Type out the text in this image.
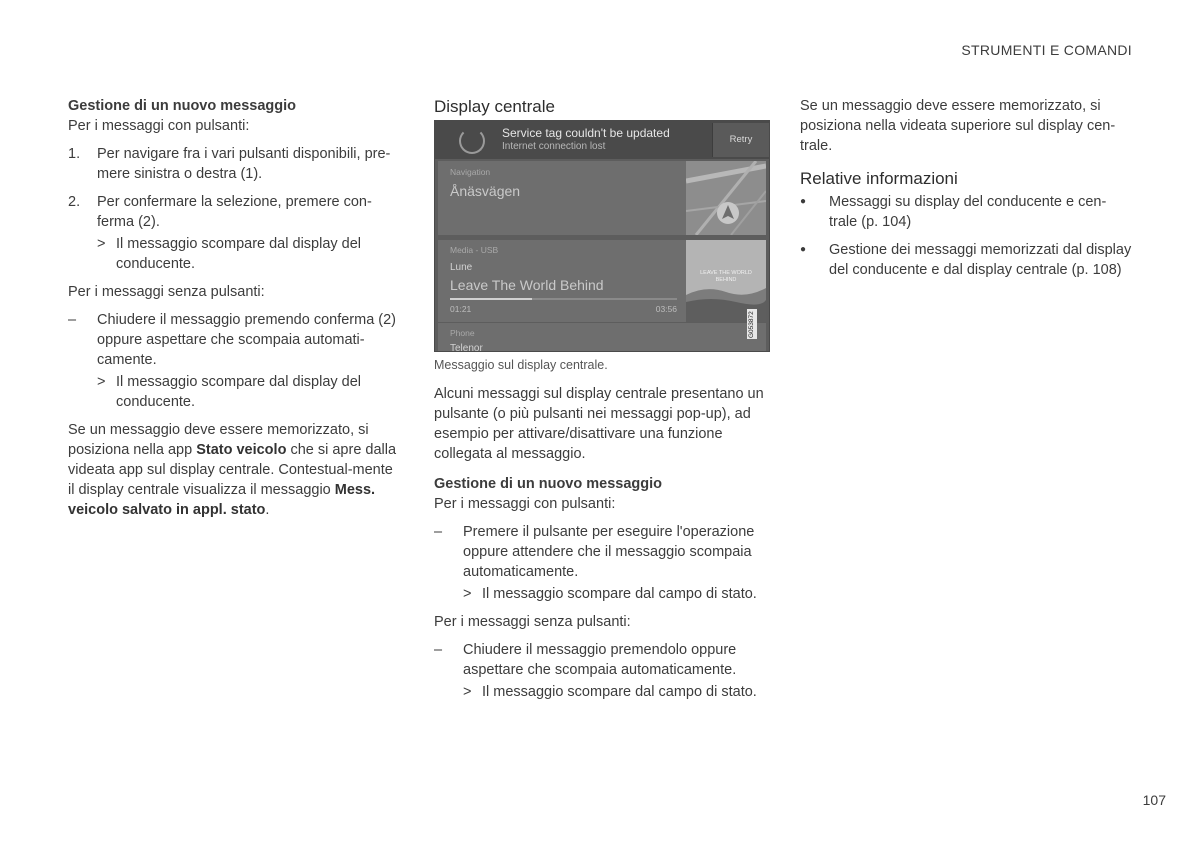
STRUMENTI E COMANDI
Gestione di un nuovo messaggio

Per i messaggi con pulsanti:

1. Per navigare fra i vari pulsanti disponibili, pre-mere sinistra o destra (1).
2. Per confermare la selezione, premere con-ferma (2).
> Il messaggio scompare dal display del conducente.

Per i messaggi senza pulsanti:

– Chiudere il messaggio premendo conferma (2) oppure aspettare che scompaia automati-camente.
> Il messaggio scompare dal display del conducente.

Se un messaggio deve essere memorizzato, si posiziona nella app Stato veicolo che si apre dalla videata app sul display centrale. Contestual-mente il display centrale visualizza il messaggio Mess. veicolo salvato in appl. stato.

Display centrale
Service tag couldn't be updated
Internet connection lost
Retry
Navigation
Ånäsvägen
Media - USB
Lune
Leave The World Behind
01:21	03:56
LEAVE THE WORLD BEHIND
Phone
Telenor
G053872
Messaggio sul display centrale.

Alcuni messaggi sul display centrale presentano un pulsante (o più pulsanti nei messaggi pop-up), ad esempio per attivare/disattivare una funzione collegata al messaggio.

Gestione di un nuovo messaggio

Per i messaggi con pulsanti:

– Premere il pulsante per eseguire l'operazione oppure attendere che il messaggio scompaia automaticamente.
> Il messaggio scompare dal campo di stato.

Per i messaggi senza pulsanti:

– Chiudere il messaggio premendolo oppure aspettare che scompaia automaticamente.
> Il messaggio scompare dal campo di stato.

Se un messaggio deve essere memorizzato, si posiziona nella videata superiore sul display cen-trale.

Relative informazioni
● Messaggi su display del conducente e cen-trale (p. 104)
● Gestione dei messaggi memorizzati dal display del conducente e dal display centrale (p. 108)
107
